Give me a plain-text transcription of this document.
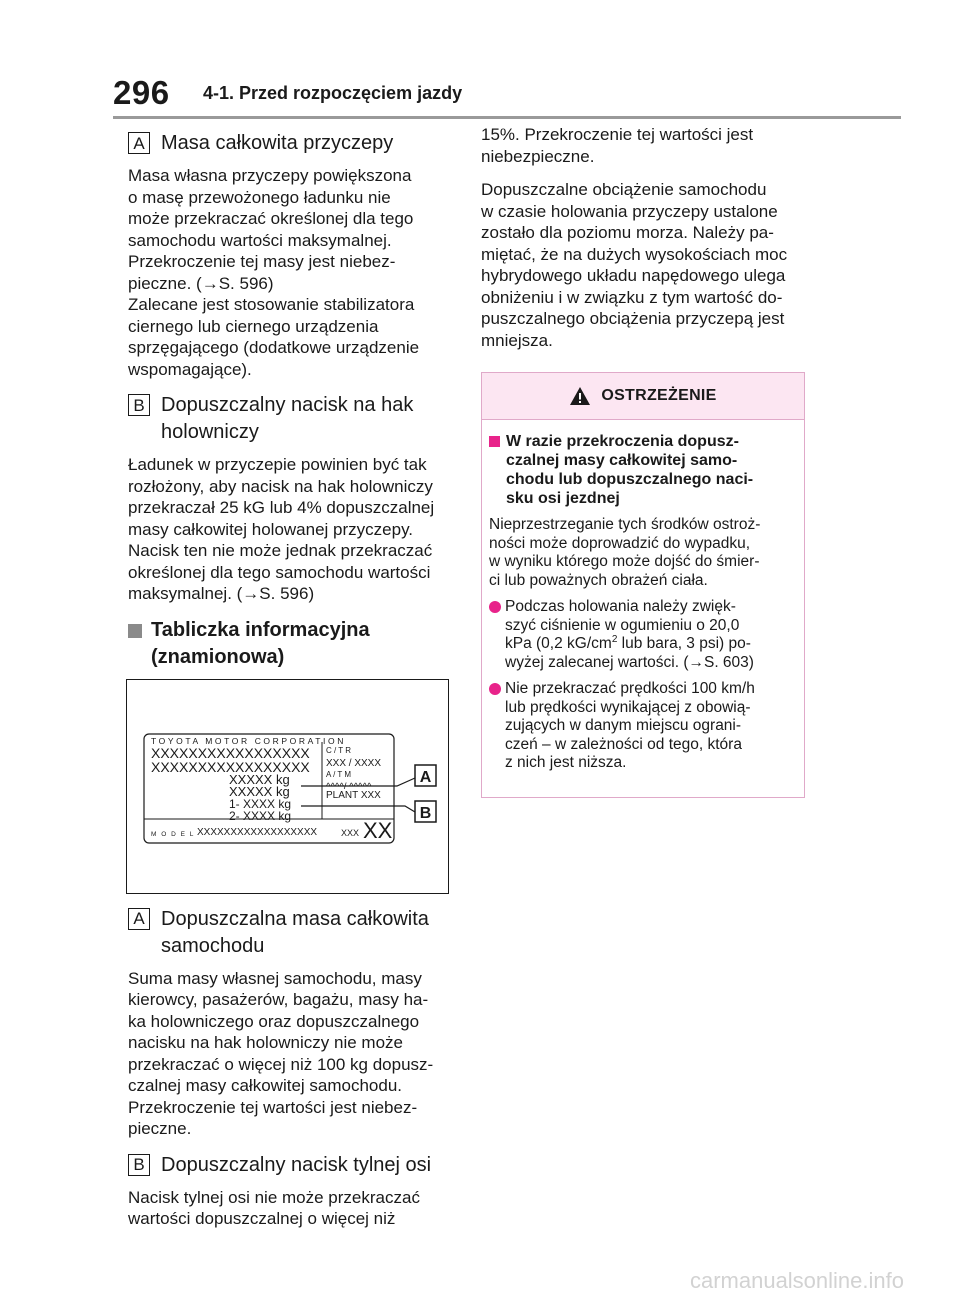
296 4-1. Przed rozpoczęciem jazdy
A Masa całkowita przyczepy
Masa własna przyczepy powiększona
o masę przewożonego ładunku nie
może przekraczać określonej dla tego
samochodu wartości maksymalnej.
Przekroczenie tej masy jest niebez-
pieczne. (→S. 596)
Zalecane jest stosowanie stabilizatora
ciernego lub ciernego urządzenia
sprzęgającego (dodatkowe urządzenie
wspomagające).
B Dopuszczalny nacisk na hak
holowniczy
Ładunek w przyczepie powinien być tak
rozłożony, aby nacisk na hak holowniczy
przekraczał 25 kG lub 4% dopuszczalnej
masy całkowitej holowanej przyczepy.
Nacisk ten nie może jednak przekraczać
określonej dla tego samochodu wartości
maksymalnej. (→S. 596)
Tabliczka informacyjna
(znamionowa)
TOYOTA MOTOR CORPORATION
XXXXXXXXXXXXXXXXX
XXXXXXXXXXXXXXXXX
XXXXX kg
XXXXX kg
1- XXXX kg
2- XXXX kg
C / T R
XXX / XXXX
A / T M
^^^^/ ^^^^^
PLANT XXX
M O D E L XXXXXXXXXXXXXXXXXX	XXX XX
A
B
A Dopuszczalna masa całkowita
samochodu
Suma masy własnej samochodu, masy
kierowcy, pasażerów, bagażu, masy ha-
ka holowniczego oraz dopuszczalnego
nacisku na hak holowniczy nie może
przekraczać o więcej niż 100 kg dopusz-
czalnej masy całkowitej samochodu.
Przekroczenie tej wartości jest niebez-
pieczne.
B Dopuszczalny nacisk tylnej osi
Nacisk tylnej osi nie może przekraczać
wartości dopuszczalnej o więcej niż
15%. Przekroczenie tej wartości jest
niebezpieczne.
Dopuszczalne obciążenie samochodu
w czasie holowania przyczepy ustalone
zostało dla poziomu morza. Należy pa-
miętać, że na dużych wysokościach moc
hybrydowego układu napędowego ulega
obniżeniu i w związku z tym wartość do-
puszczalnego obciążenia przyczepą jest
mniejsza.
OSTRZEŻENIE
W razie przekroczenia dopusz-
czalnej masy całkowitej samo-
chodu lub dopuszczalnego naci-
sku osi jezdnej
Nieprzestrzeganie tych środków ostroż-
ności może doprowadzić do wypadku,
w wyniku którego może dojść do śmier-
ci lub poważnych obrażeń ciała.
Podczas holowania należy zwięk-
szyć ciśnienie w ogumieniu o 20,0
kPa (0,2 $kG/cm^2$ lub bara, 3 psi) po-
wyżej zalecanej wartości. (→S. 603)
Nie przekraczać prędkości 100 km/h
lub prędkości wynikającej z obowią-
zujących w danym miejscu ograni-
czeń – w zależności od tego, która
z nich jest niższa.
carmanualsonline.info
